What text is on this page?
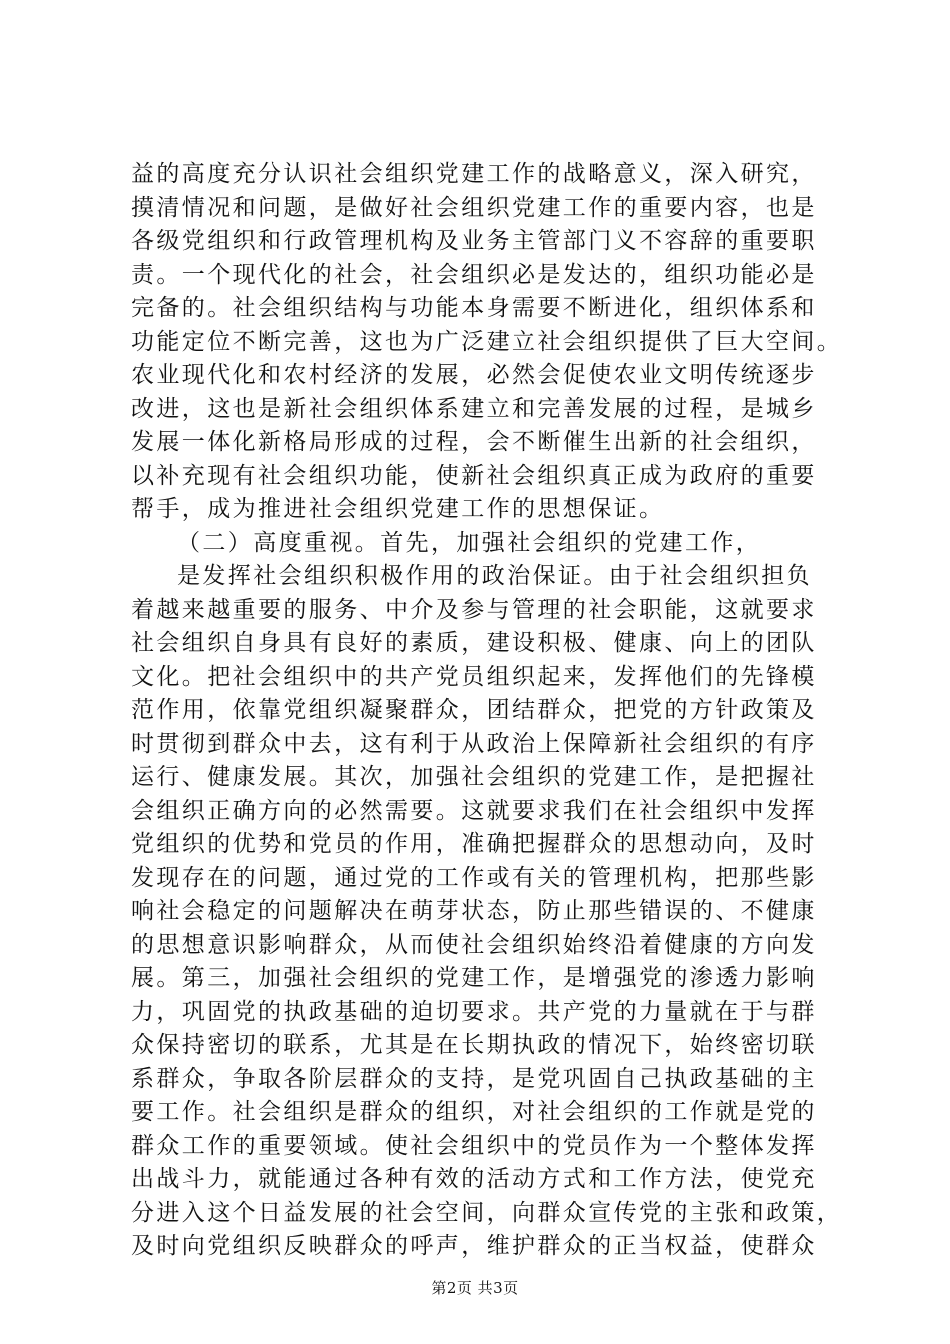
益的高度充分认识社会组织党建工作的战略意义，深入研究，
摸清情况和问题，是做好社会组织党建工作的重要内容，也是
各级党组织和行政管理机构及业务主管部门义不容辞的重要职
责。一个现代化的社会，社会组织必是发达的，组织功能必是
完备的。社会组织结构与功能本身需要不断进化，组织体系和
功能定位不断完善，这也为广泛建立社会组织提供了巨大空间。
农业现代化和农村经济的发展，必然会促使农业文明传统逐步
改进，这也是新社会组织体系建立和完善发展的过程，是城乡
发展一体化新格局形成的过程，会不断催生出新的社会组织，
以补充现有社会组织功能，使新社会组织真正成为政府的重要
帮手，成为推进社会组织党建工作的思想保证。
（二）高度重视。首先，加强社会组织的党建工作，
是发挥社会组织积极作用的政治保证。由于社会组织担负
着越来越重要的服务、中介及参与管理的社会职能，这就要求
社会组织自身具有良好的素质，建设积极、健康、向上的团队
文化。把社会组织中的共产党员组织起来，发挥他们的先锋模
范作用，依靠党组织凝聚群众，团结群众，把党的方针政策及
时贯彻到群众中去，这有利于从政治上保障新社会组织的有序
运行、健康发展。其次，加强社会组织的党建工作，是把握社
会组织正确方向的必然需要。这就要求我们在社会组织中发挥
党组织的优势和党员的作用，准确把握群众的思想动向，及时
发现存在的问题，通过党的工作或有关的管理机构，把那些影
响社会稳定的问题解决在萌芽状态，防止那些错误的、不健康
的思想意识影响群众，从而使社会组织始终沿着健康的方向发
展。第三，加强社会组织的党建工作，是增强党的渗透力影响
力，巩固党的执政基础的迫切要求。共产党的力量就在于与群
众保持密切的联系，尤其是在长期执政的情况下，始终密切联
系群众，争取各阶层群众的支持，是党巩固自己执政基础的主
要工作。社会组织是群众的组织，对社会组织的工作就是党的
群众工作的重要领域。使社会组织中的党员作为一个整体发挥
出战斗力，就能通过各种有效的活动方式和工作方法，使党充
分进入这个日益发展的社会空间，向群众宣传党的主张和政策，
及时向党组织反映群众的呼声，维护群众的正当权益，使群众
第2页 共3页
